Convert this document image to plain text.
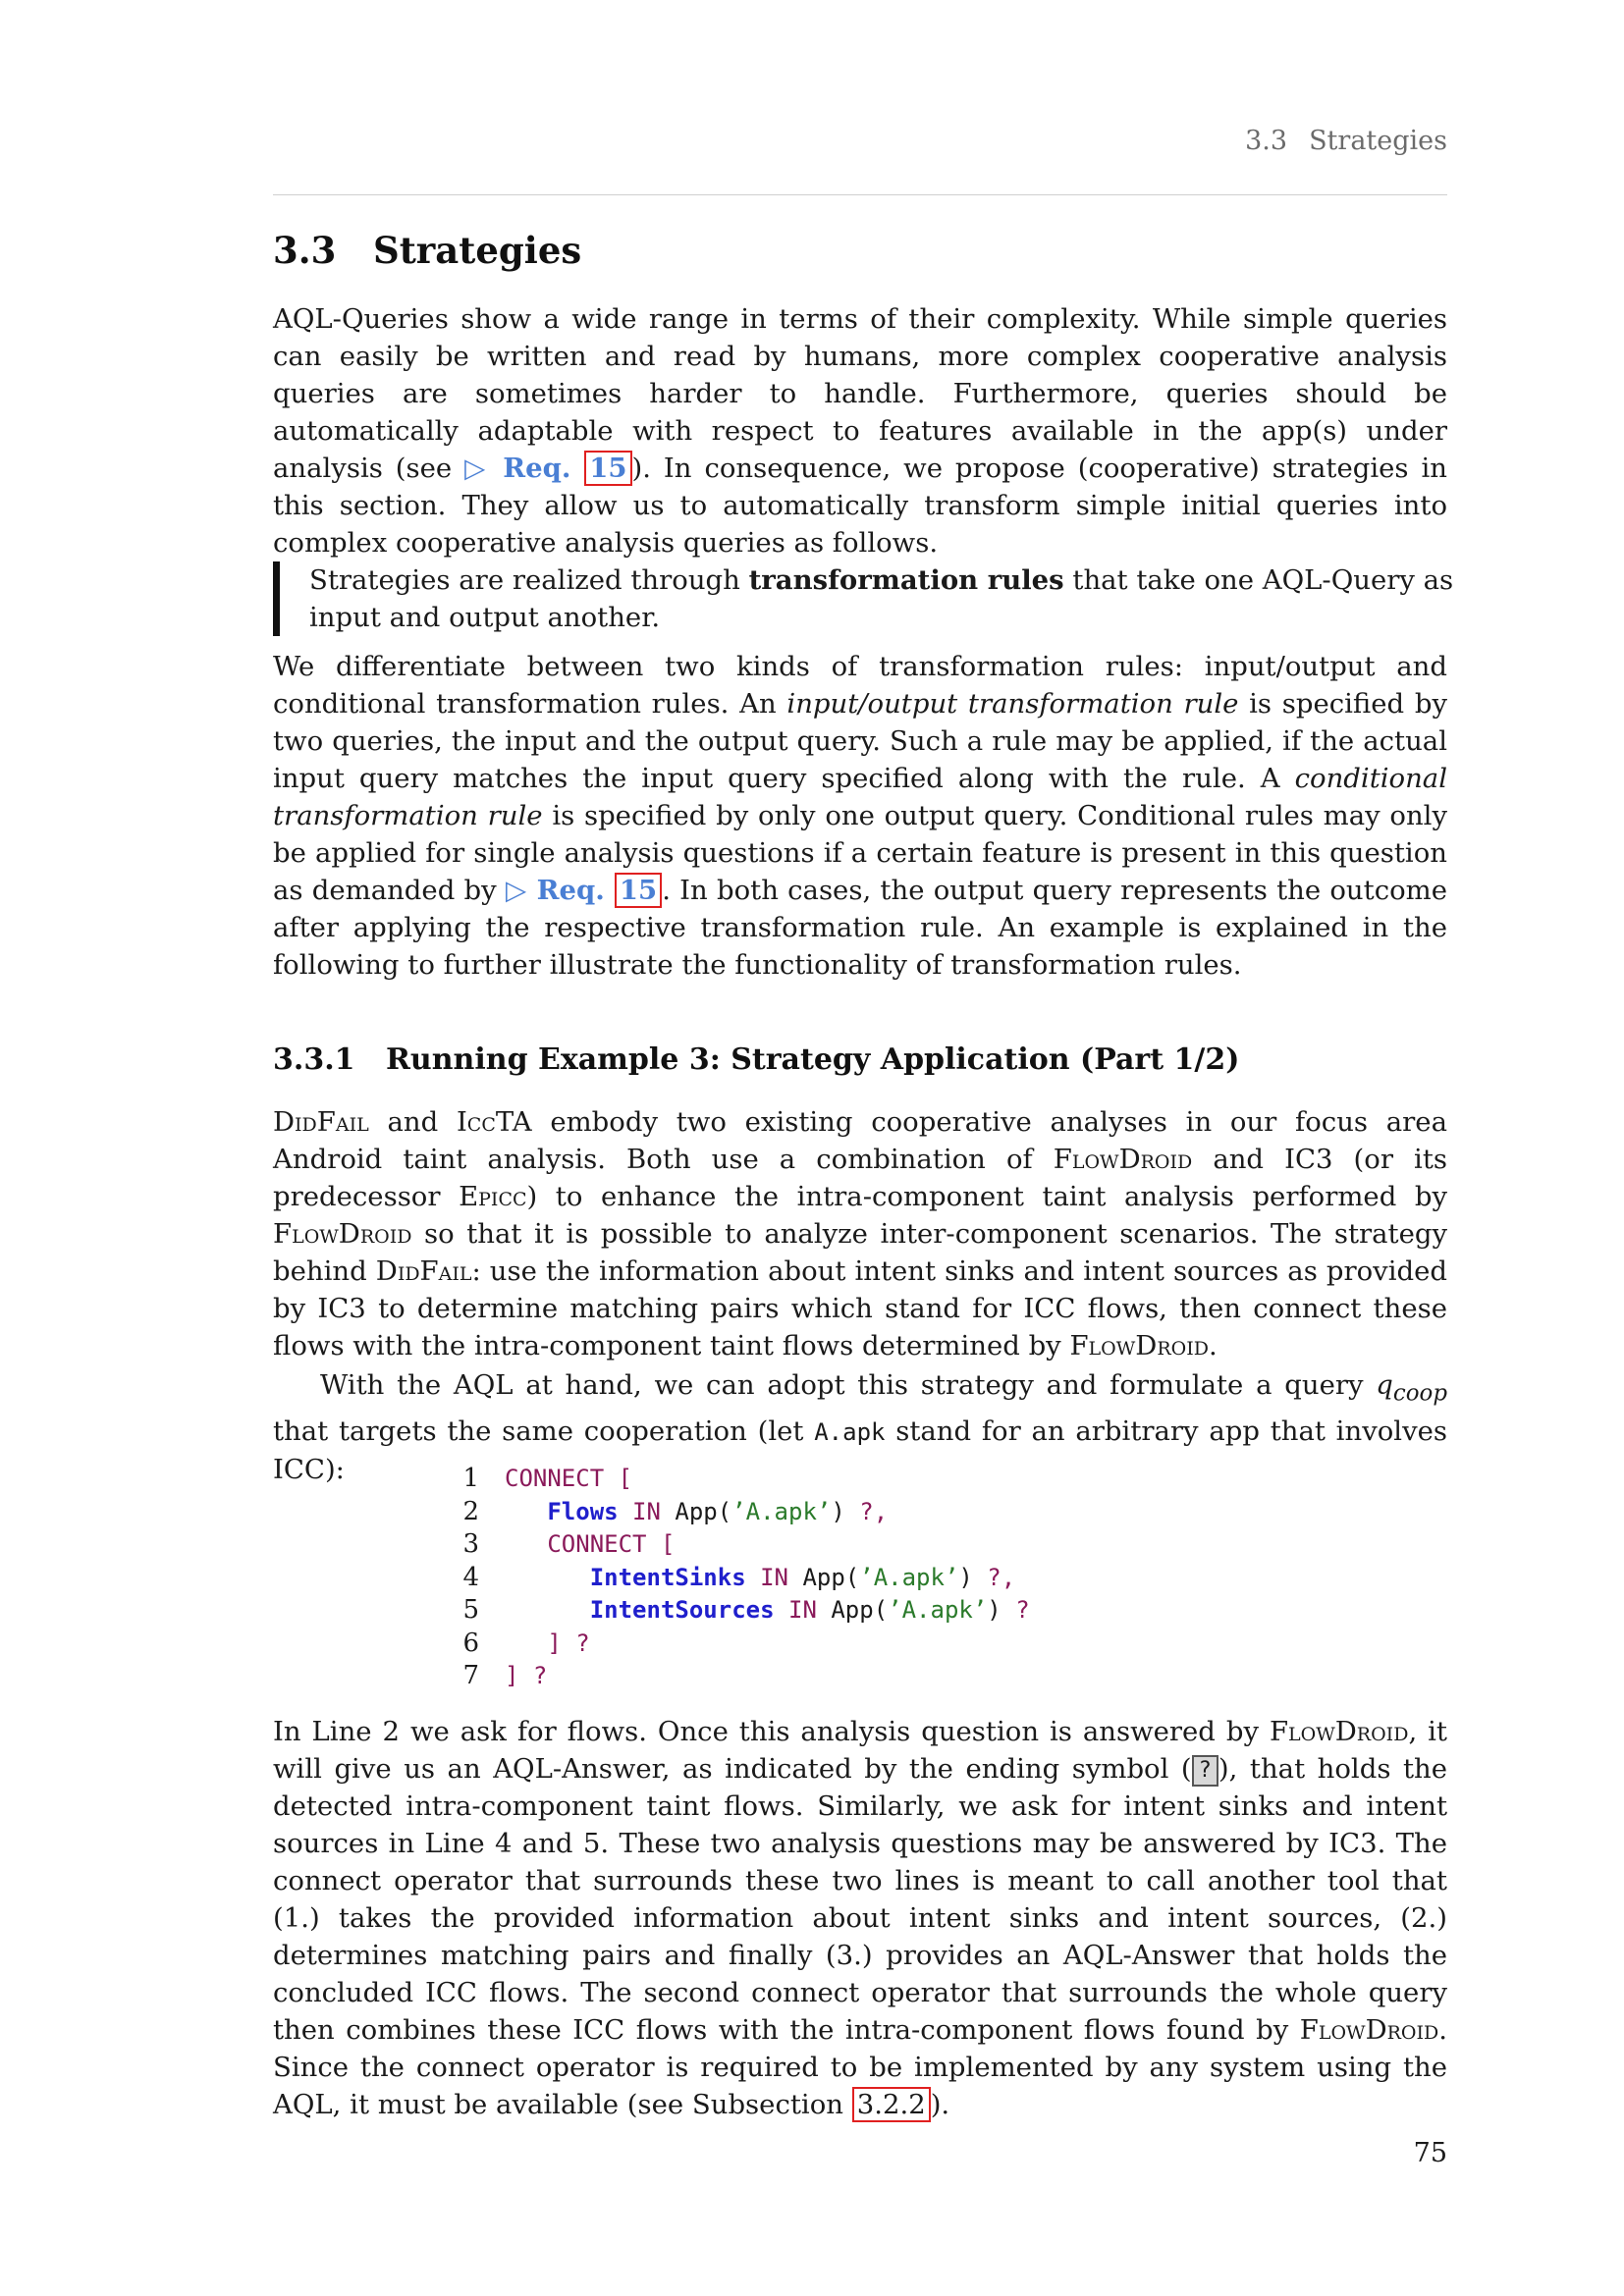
3.3 Strategies
3.3 Strategies

AQL-Queries show a wide range in terms of their complexity. While simple queries can easily be written and read by humans, more complex cooperative analysis queries are sometimes harder to handle. Furthermore, queries should be automatically adaptable with respect to features available in the app(s) under analysis (see ▷ Req. 15 ). In consequence, we propose (cooperative) strategies in this section. They allow us to automatically transform simple initial queries into complex cooperative analysis queries as follows.

Strategies are realized through transformation rules that take one AQL-Query as input and output another.

We differentiate between two kinds of transformation rules: input/output and conditional transformation rules. An input/output transformation rule is specified by two queries, the input and the output query. Such a rule may be applied, if the actual input query matches the input query specified along with the rule. A conditional transformation rule is specified by only one output query. Conditional rules may only be applied for single analysis questions if a certain feature is present in this question as demanded by ▷ Req. 15 . In both cases, the output query represents the outcome after applying the respective transformation rule. An example is explained in the following to further illustrate the functionality of transformation rules.

3.3.1 Running Example 3: Strategy Application (Part 1/2)

DidFail and IccTA embody two existing cooperative analyses in our focus area Android taint analysis. Both use a combination of FlowDroid and IC3 (or its predecessor Epicc) to enhance the intra-component taint analysis performed by FlowDroid so that it is possible to analyze inter-component scenarios. The strategy behind DidFail: use the information about intent sinks and intent sources as provided by IC3 to determine matching pairs which stand for ICC flows, then connect these flows with the intra-component taint flows determined by FlowDroid.

With the AQL at hand, we can adopt this strategy and formulate a query $q_{coop}$ that targets the same cooperation (let A.apk stand for an arbitrary app that involves ICC):	1 CONNECT [
2	Flows IN App(’A.apk’) ?,
3	CONNECT [
4	IntentSinks IN App(’A.apk’) ?,
5	IntentSources IN App(’A.apk’) ?
6	] ?
7 ] ?

In Line 2 we ask for flows. Once this analysis question is answered by FlowDroid, it will give us an AQL-Answer, as indicated by the ending symbol ( ? ), that holds the detected intra-component taint flows. Similarly, we ask for intent sinks and intent sources in Line 4 and 5. These two analysis questions may be answered by IC3. The connect operator that surrounds these two lines is meant to call another tool that (1.) takes the provided information about intent sinks and intent sources, (2.) determines matching pairs and finally (3.) provides an AQL-Answer that holds the concluded ICC flows. The second connect operator that surrounds the whole query then combines these ICC flows with the intra-component flows found by FlowDroid. Since the connect operator is required to be implemented by any system using the AQL, it must be available (see Subsection 3.2.2 ).

75
